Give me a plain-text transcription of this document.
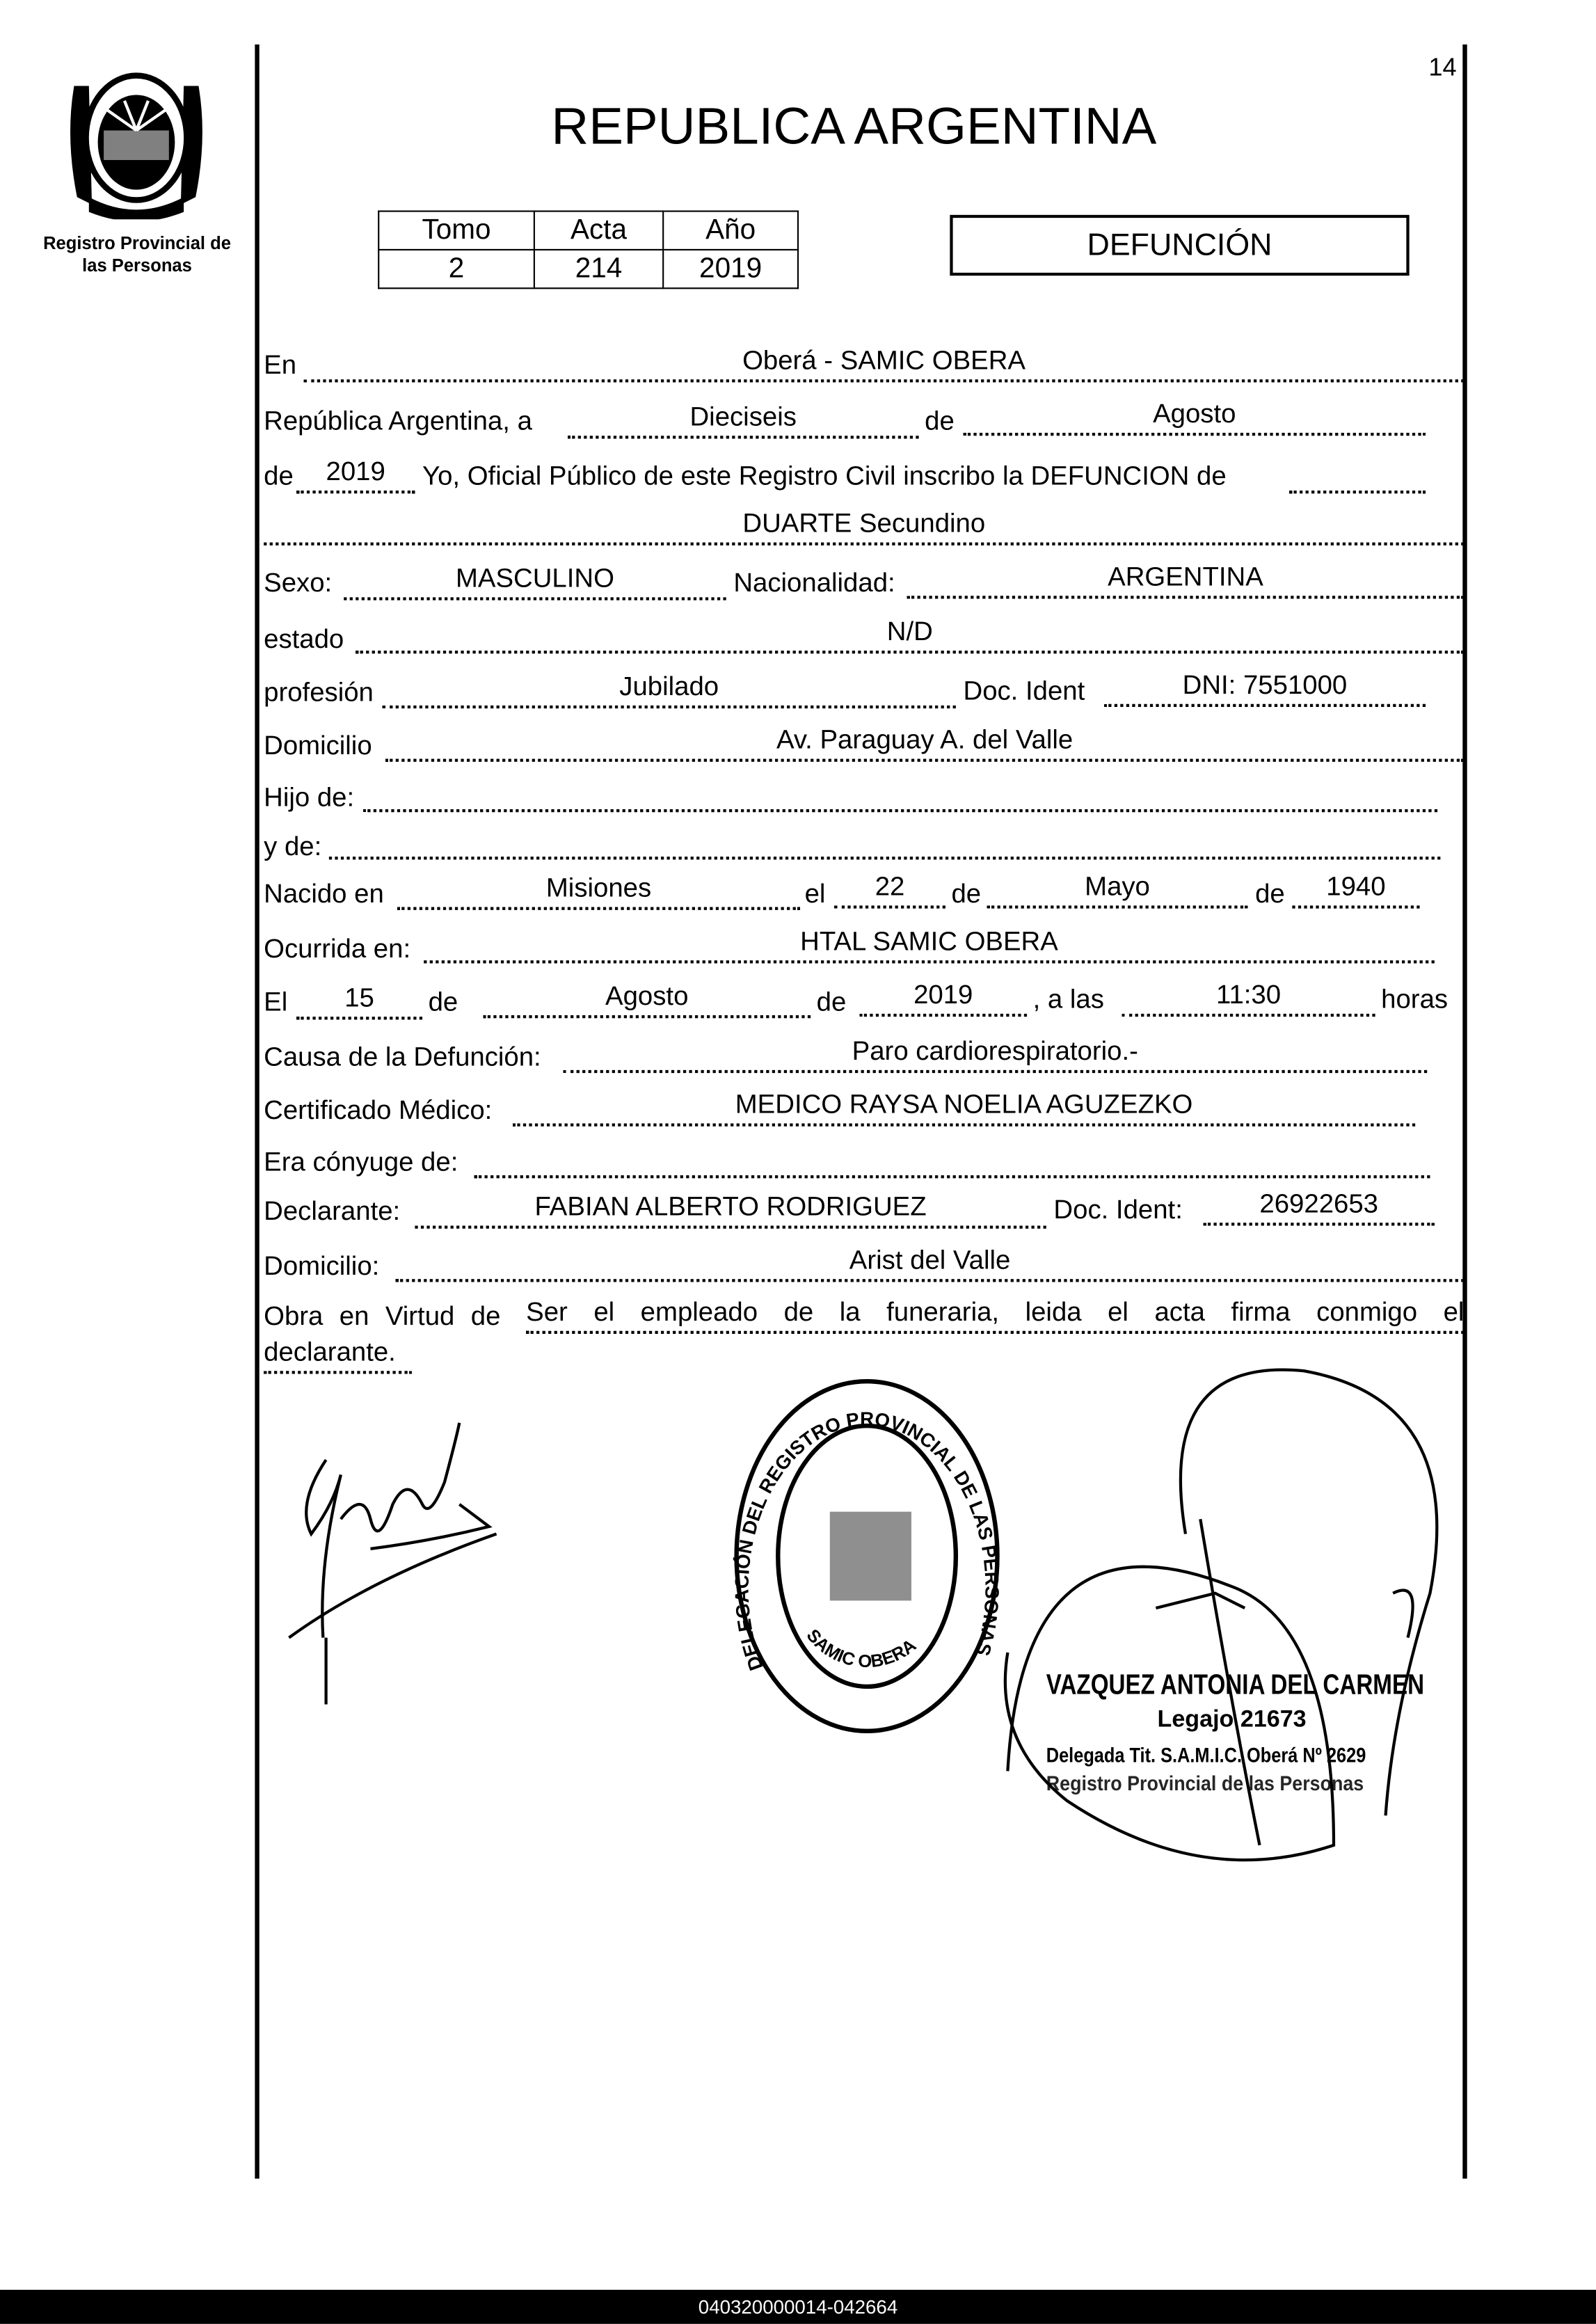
Registro Provincial de
las Personas
14
REPUBLICA ARGENTINA
Tomo	Acta	Año
2	214	2019
DEFUNCIÓN
En	Oberá - SAMIC OBERA
República Argentina, a	Dieciseis	de	Agosto
de	2019	Yo, Oficial Público de este Registro Civil inscribo la DEFUNCION de
DUARTE Secundino
Sexo:	MASCULINO	Nacionalidad:	ARGENTINA
estado	N/D
profesión	Jubilado	Doc. Ident	DNI: 7551000
Domicilio	Av. Paraguay A. del Valle
Hijo de:
y de:
Nacido en	Misiones	el	22	de	Mayo	de	1940
Ocurrida en:	HTAL SAMIC OBERA
El	15	de	Agosto	de	2019	, a las	11:30	horas
Causa de la Defunción:	Paro cardiorespiratorio.-
Certificado Médico:	MEDICO RAYSA NOELIA AGUZEZKO
Era cónyuge de:
Declarante:	FABIAN ALBERTO RODRIGUEZ	Doc. Ident:	26922653
Domicilio:	Arist del Valle
Obra en Virtud de Ser el empleado de la funeraria, leida el acta firma conmigo el
declarante.
DELEGACIÓN DEL REGISTRO PROVINCIAL DE LAS PERSONAS
SAMIC OBERA
VAZQUEZ ANTONIA DEL CARMEN
Legajo 21673
Delegada Tit. S.A.M.I.C. Oberá Nº 2629
Registro Provincial de las Personas
040320000014-042664
